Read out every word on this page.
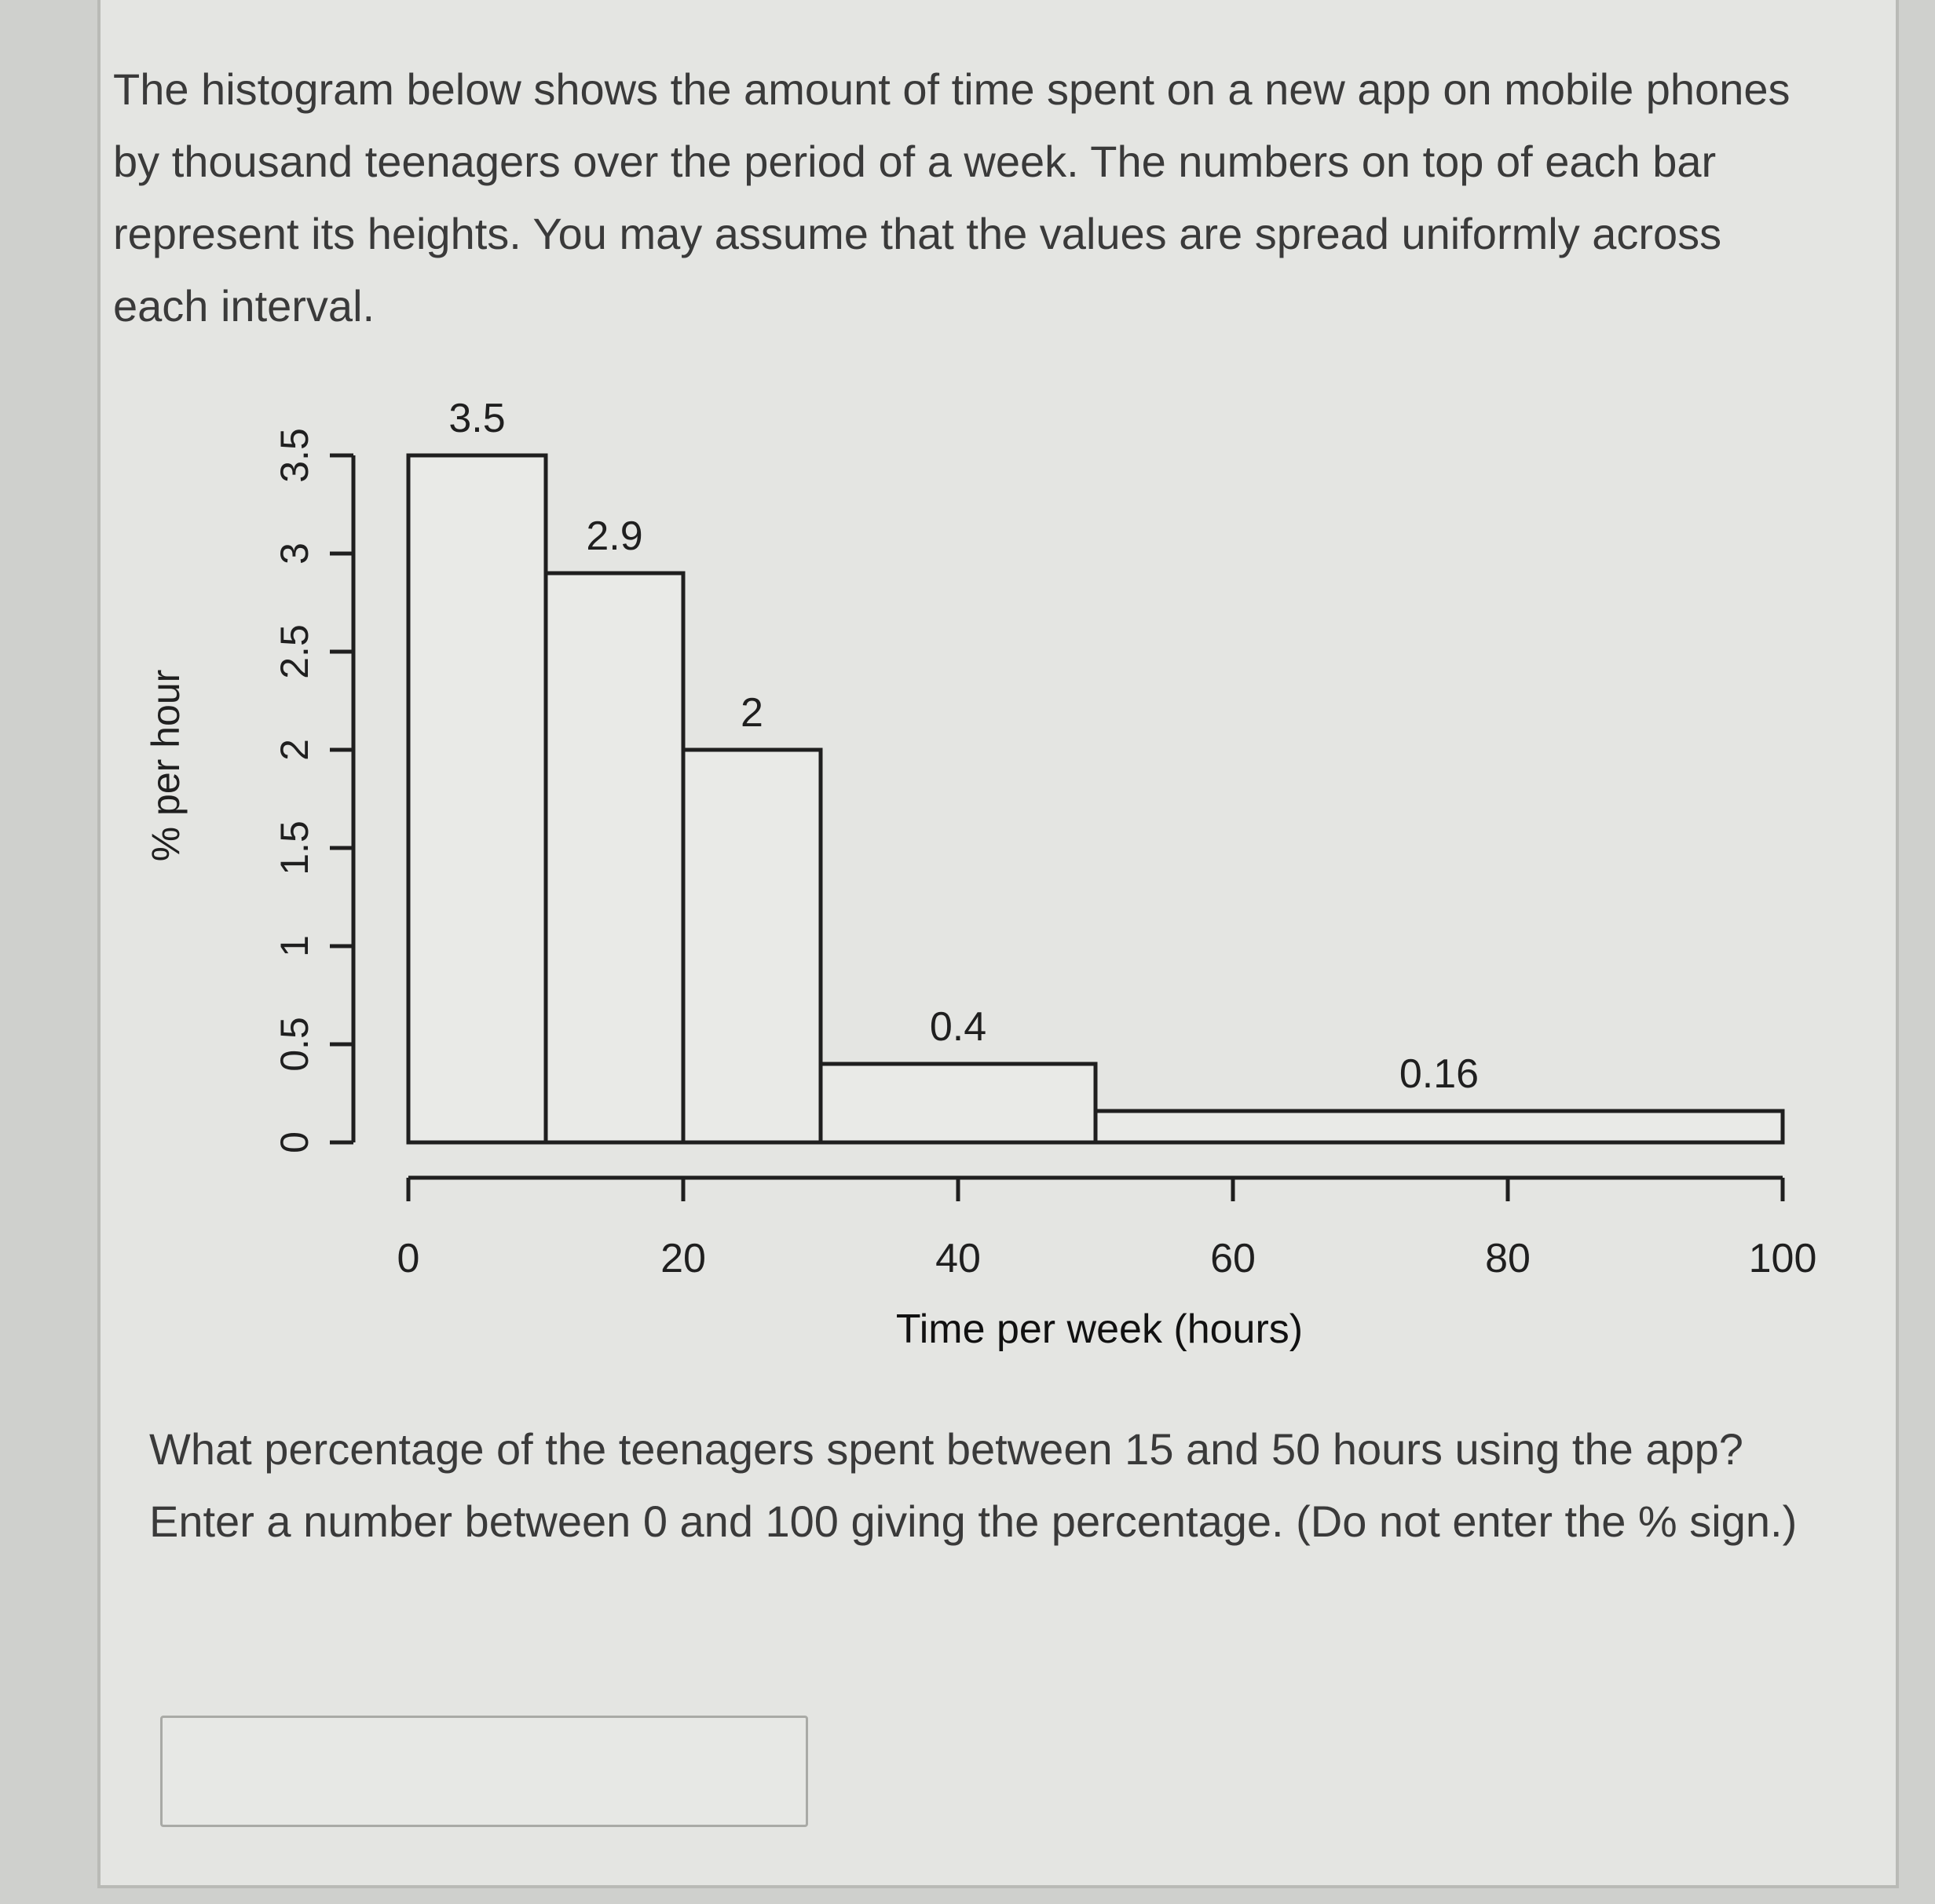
The histogram below shows the amount of time spent on a new app on mobile phones by thousand teenagers over the period of a week. The numbers on top of each bar represent its heights. You may assume that the values are spread uniformly across each interval.

% per hour
3.5
2.9
2
0.4
0.16
0
0.5
1
1.5
2
2.5
3
3.5
0	20	40	60	80	100
Time per week (hours)

What percentage of the teenagers spent between 15 and 50 hours using the app? Enter a number between 0 and 100 giving the percentage. (Do not enter the % sign.)
